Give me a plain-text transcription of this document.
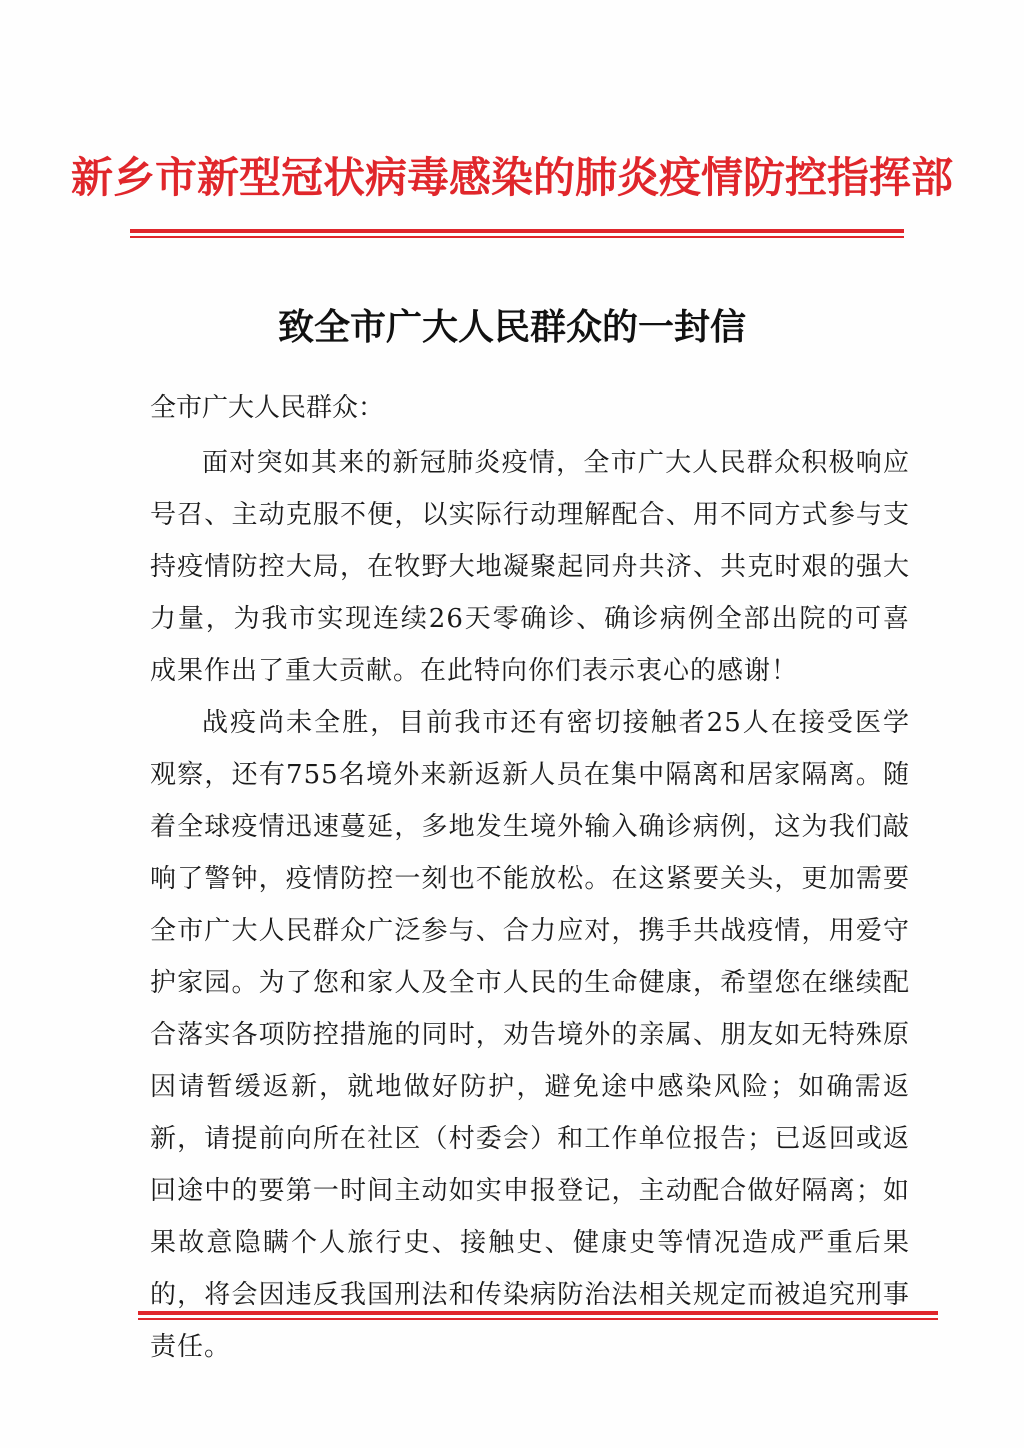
新乡市新型冠状病毒感染的肺炎疫情防控指挥部
致全市广大人民群众的一封信
全市广大人民群众：

面对突如其来的新冠肺炎疫情，全市广大人民群众积极响应号召、主动克服不便，以实际行动理解配合、用不同方式参与支持疫情防控大局，在牧野大地凝聚起同舟共济、共克时艰的强大力量，为我市实现连续26天零确诊、确诊病例全部出院的可喜成果作出了重大贡献。在此特向你们表示衷心的感谢！

战疫尚未全胜，目前我市还有密切接触者25人在接受医学观察，还有755名境外来新返新人员在集中隔离和居家隔离。随着全球疫情迅速蔓延，多地发生境外输入确诊病例，这为我们敲响了警钟，疫情防控一刻也不能放松。在这紧要关头，更加需要全市广大人民群众广泛参与、合力应对，携手共战疫情，用爱守护家园。为了您和家人及全市人民的生命健康，希望您在继续配合落实各项防控措施的同时，劝告境外的亲属、朋友如无特殊原因请暂缓返新，就地做好防护，避免途中感染风险；如确需返新，请提前向所在社区（村委会）和工作单位报告；已返回或返回途中的要第一时间主动如实申报登记，主动配合做好隔离；如果故意隐瞒个人旅行史、接触史、健康史等情况造成严重后果的，将会因违反我国刑法和传染病防治法相关规定而被追究刑事责任。
